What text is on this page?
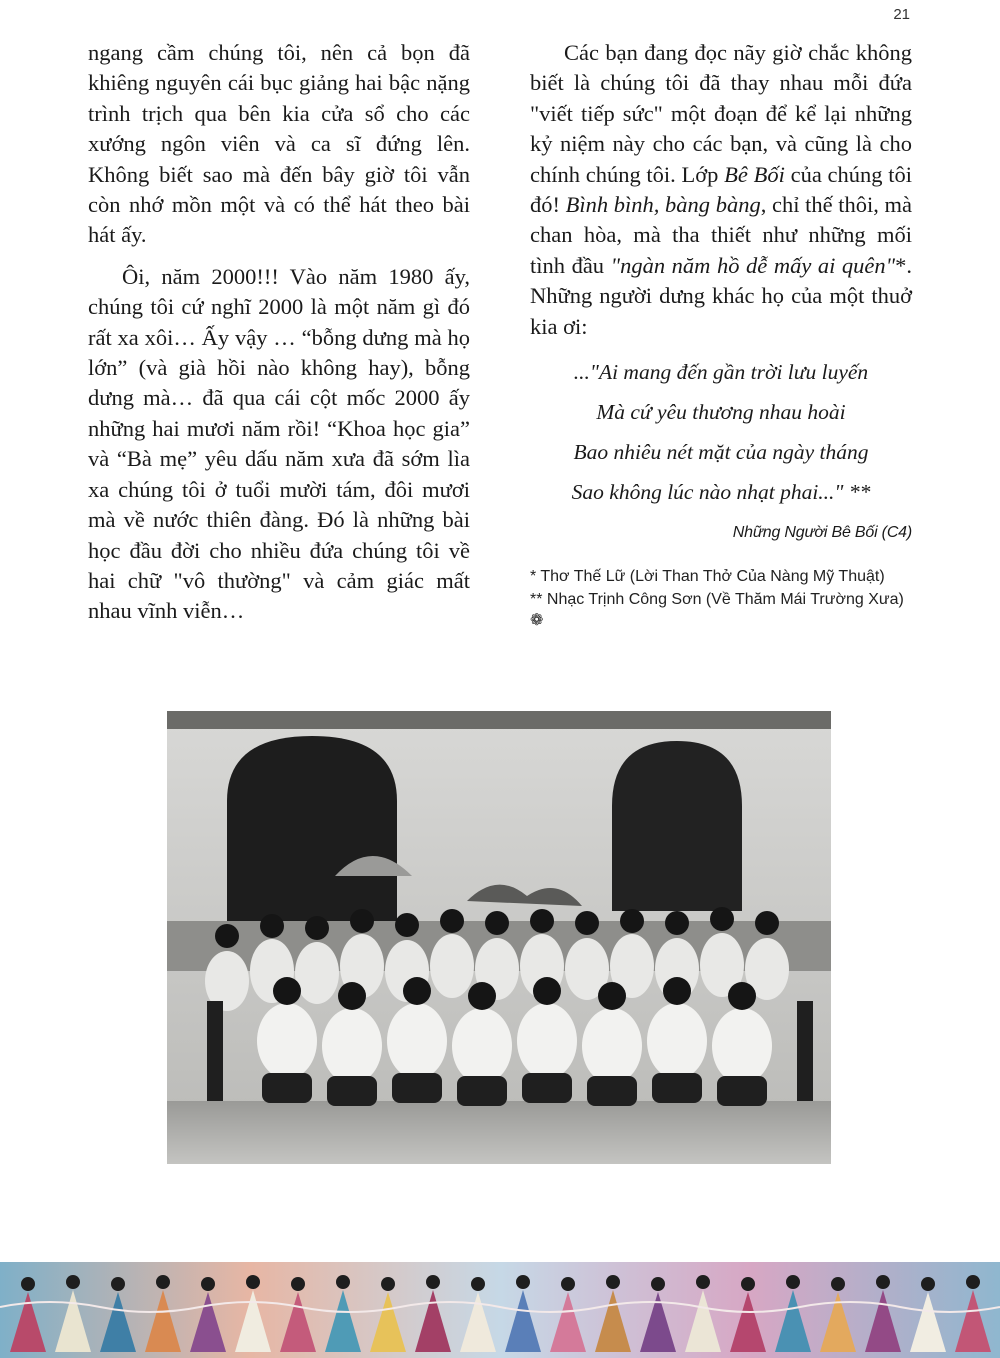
21

ngang cầm chúng tôi, nên cả bọn đã khiêng nguyên cái bục giảng hai bậc nặng trình trịch qua bên kia cửa sổ cho các xướng ngôn viên và ca sĩ đứng lên. Không biết sao mà đến bây giờ tôi vẫn còn nhớ mồn một và có thể hát theo bài hát ấy.

Ôi, năm 2000!!! Vào năm 1980 ấy, chúng tôi cứ nghĩ 2000 là một năm gì đó rất xa xôi… Ấy vậy … “bỗng dưng mà họ lớn” (và già hồi nào không hay), bỗng dưng mà… đã qua cái cột mốc 2000 ấy những hai mươi năm rồi! “Khoa học gia” và “Bà mẹ” yêu dấu năm xưa đã sớm lìa xa chúng tôi ở tuổi mười tám, đôi mươi mà về nước thiên đàng. Đó là những bài học đầu đời cho nhiều đứa chúng tôi về hai chữ "vô thường" và cảm giác mất nhau vĩnh viễn…

Các bạn đang đọc nãy giờ chắc không biết là chúng tôi đã thay nhau mỗi đứa "viết tiếp sức" một đoạn để kể lại những kỷ niệm này cho các bạn, và cũng là cho chính chúng tôi. Lớp Bê Bối của chúng tôi đó! Bình bình, bàng bàng, chỉ thế thôi, mà chan hòa, mà tha thiết như những mối tình đầu "ngàn năm hồ dễ mấy ai quên"*. Những người dưng khác họ của một thuở kia ơi:

..."Ai mang đến gần trời lưu luyến
Mà cứ yêu thương nhau hoài
Bao nhiêu nét mặt của ngày tháng
Sao không lúc nào nhạt phai..." **
Những Người Bê Bối (C4)
* Thơ Thế Lữ (Lời Than Thở Của Nàng Mỹ Thuật)
** Nhạc Trịnh Công Sơn (Về Thăm Mái Trường Xưa) ❁
